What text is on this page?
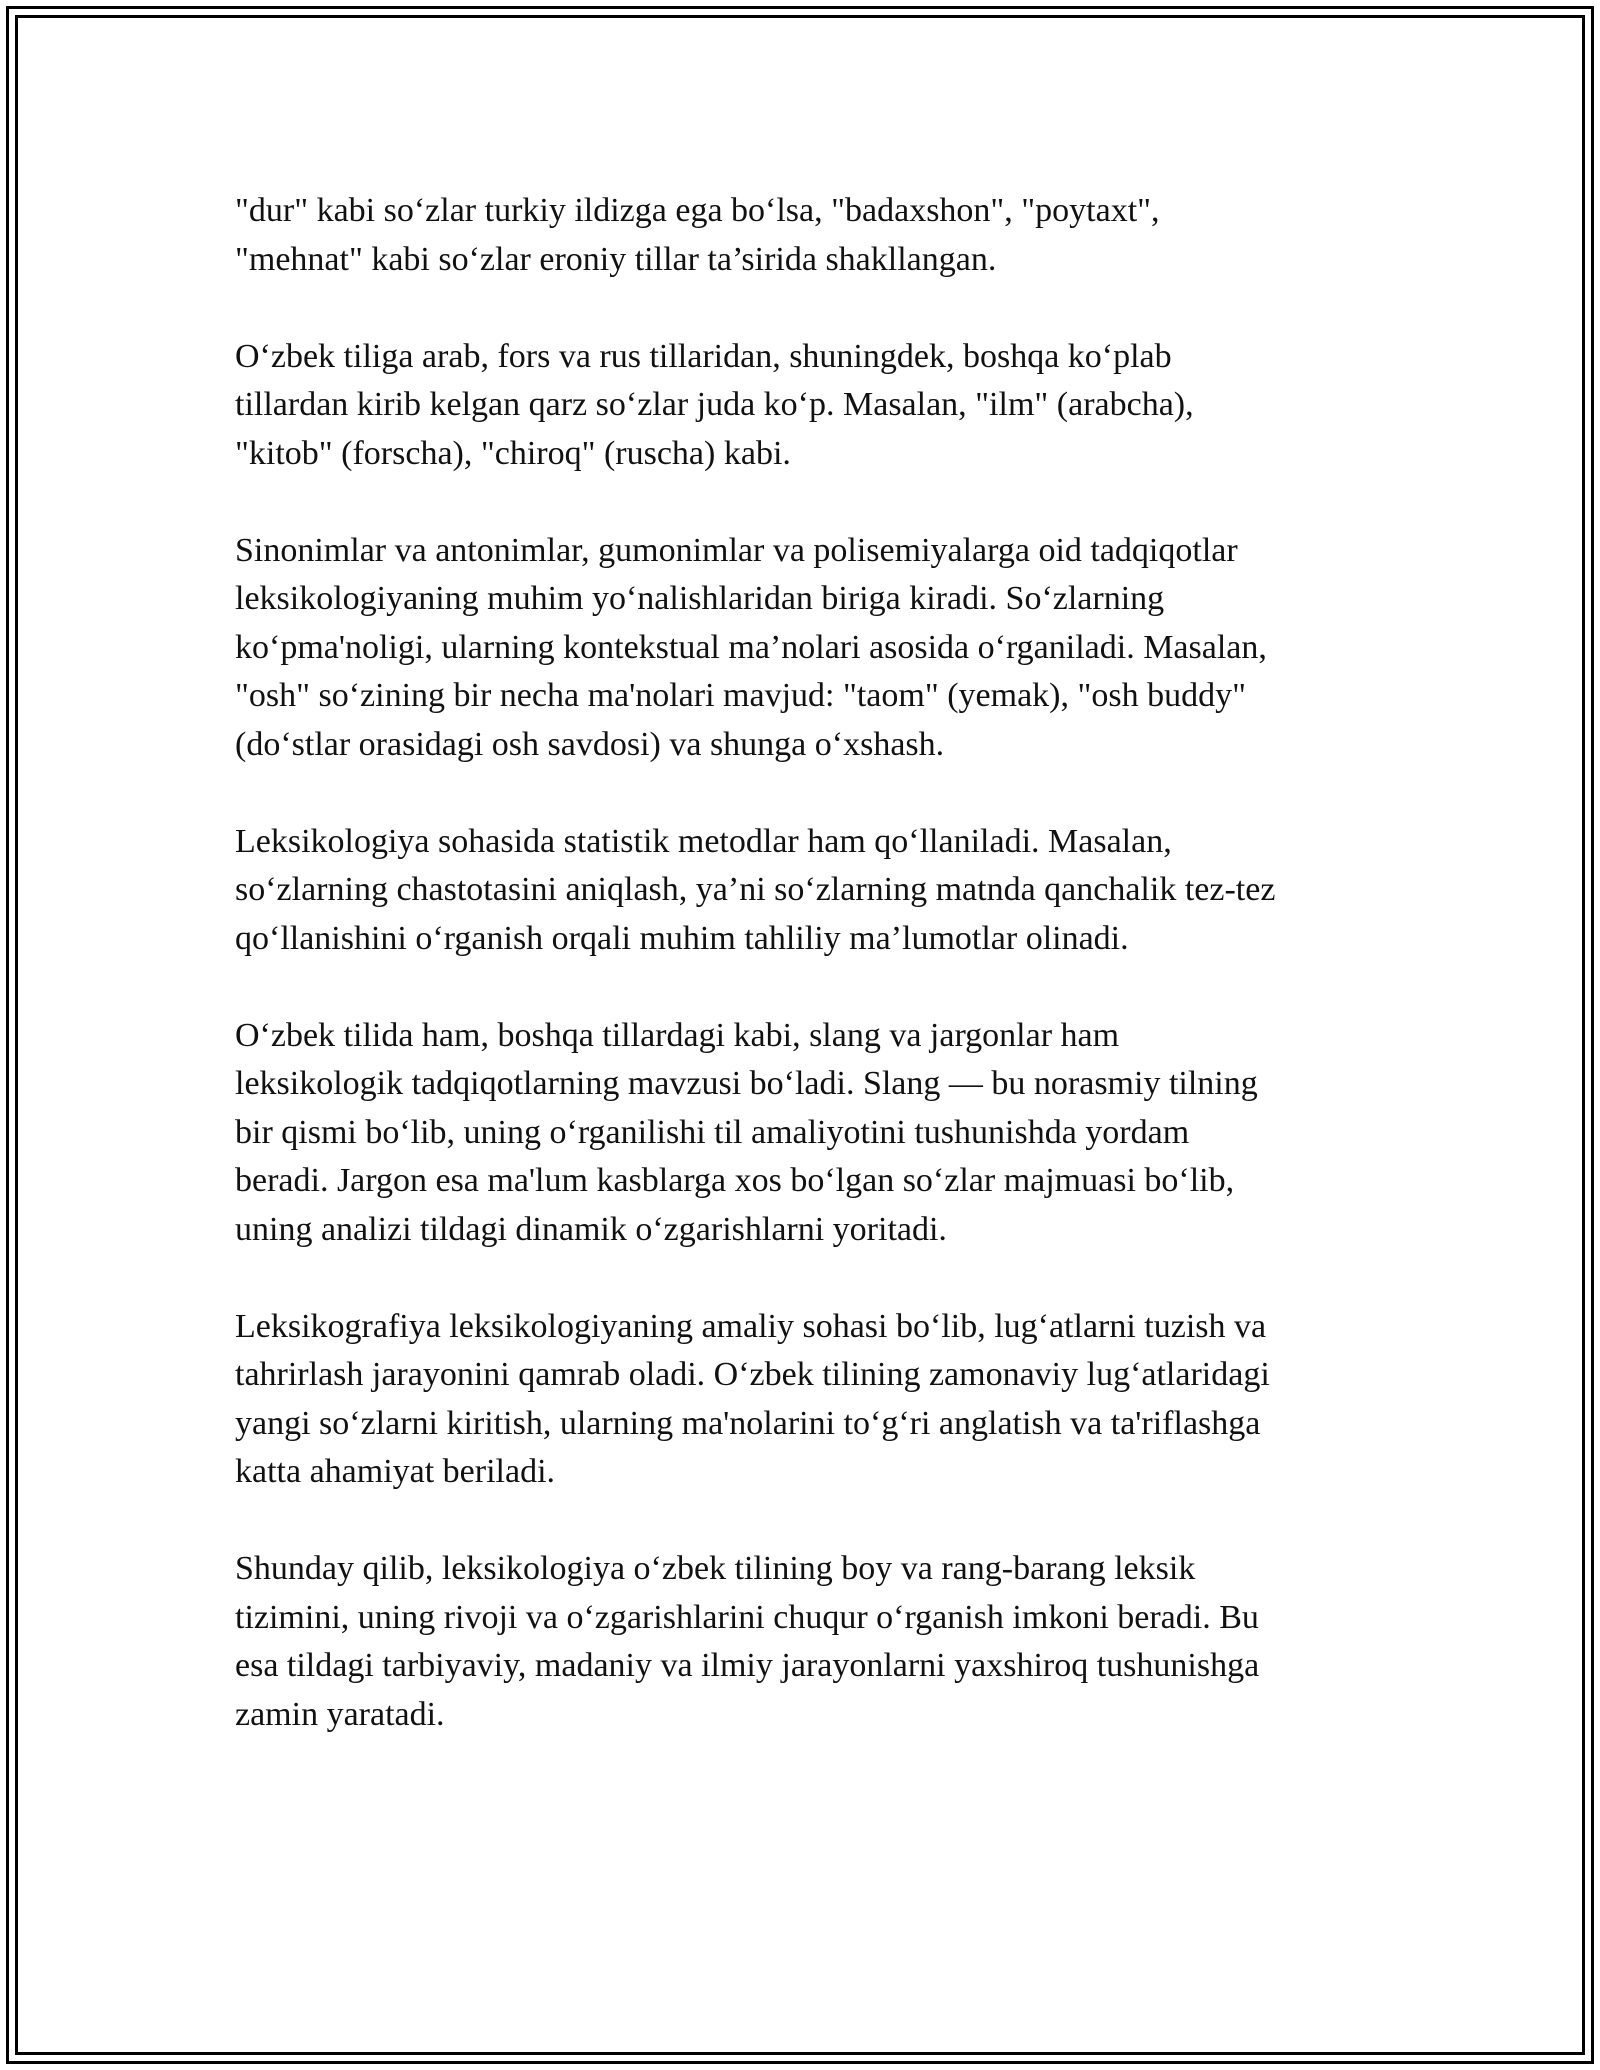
"dur" kabi so‘zlar turkiy ildizga ega bo‘lsa, "badaxshon", "poytaxt",
"mehnat" kabi so‘zlar eroniy tillar ta’sirida shakllangan.

O‘zbek tiliga arab, fors va rus tillaridan, shuningdek, boshqa ko‘plab
tillardan kirib kelgan qarz so‘zlar juda ko‘p. Masalan, "ilm" (arabcha),
"kitob" (forscha), "chiroq" (ruscha) kabi.

Sinonimlar va antonimlar, gumonimlar va polisemiyalarga oid tadqiqotlar
leksikologiyaning muhim yo‘nalishlaridan biriga kiradi. So‘zlarning
ko‘pma'noligi, ularning kontekstual ma’nolari asosida o‘rganiladi. Masalan,
"osh" so‘zining bir necha ma'nolari mavjud: "taom" (yemak), "osh buddy"
(do‘stlar orasidagi osh savdosi) va shunga o‘xshash.

Leksikologiya sohasida statistik metodlar ham qo‘llaniladi. Masalan,
so‘zlarning chastotasini aniqlash, ya’ni so‘zlarning matnda qanchalik tez-tez
qo‘llanishini o‘rganish orqali muhim tahliliy ma’lumotlar olinadi.

O‘zbek tilida ham, boshqa tillardagi kabi, slang va jargonlar ham
leksikologik tadqiqotlarning mavzusi bo‘ladi. Slang — bu norasmiy tilning
bir qismi bo‘lib, uning o‘rganilishi til amaliyotini tushunishda yordam
beradi. Jargon esa ma'lum kasblarga xos bo‘lgan so‘zlar majmuasi bo‘lib,
uning analizi tildagi dinamik o‘zgarishlarni yoritadi.

Leksikografiya leksikologiyaning amaliy sohasi bo‘lib, lug‘atlarni tuzish va
tahrirlash jarayonini qamrab oladi. O‘zbek tilining zamonaviy lug‘atlaridagi
yangi so‘zlarni kiritish, ularning ma'nolarini to‘g‘ri anglatish va ta'riflashga
katta ahamiyat beriladi.

Shunday qilib, leksikologiya o‘zbek tilining boy va rang-barang leksik
tizimini, uning rivoji va o‘zgarishlarini chuqur o‘rganish imkoni beradi. Bu
esa tildagi tarbiyaviy, madaniy va ilmiy jarayonlarni yaxshiroq tushunishga
zamin yaratadi.
